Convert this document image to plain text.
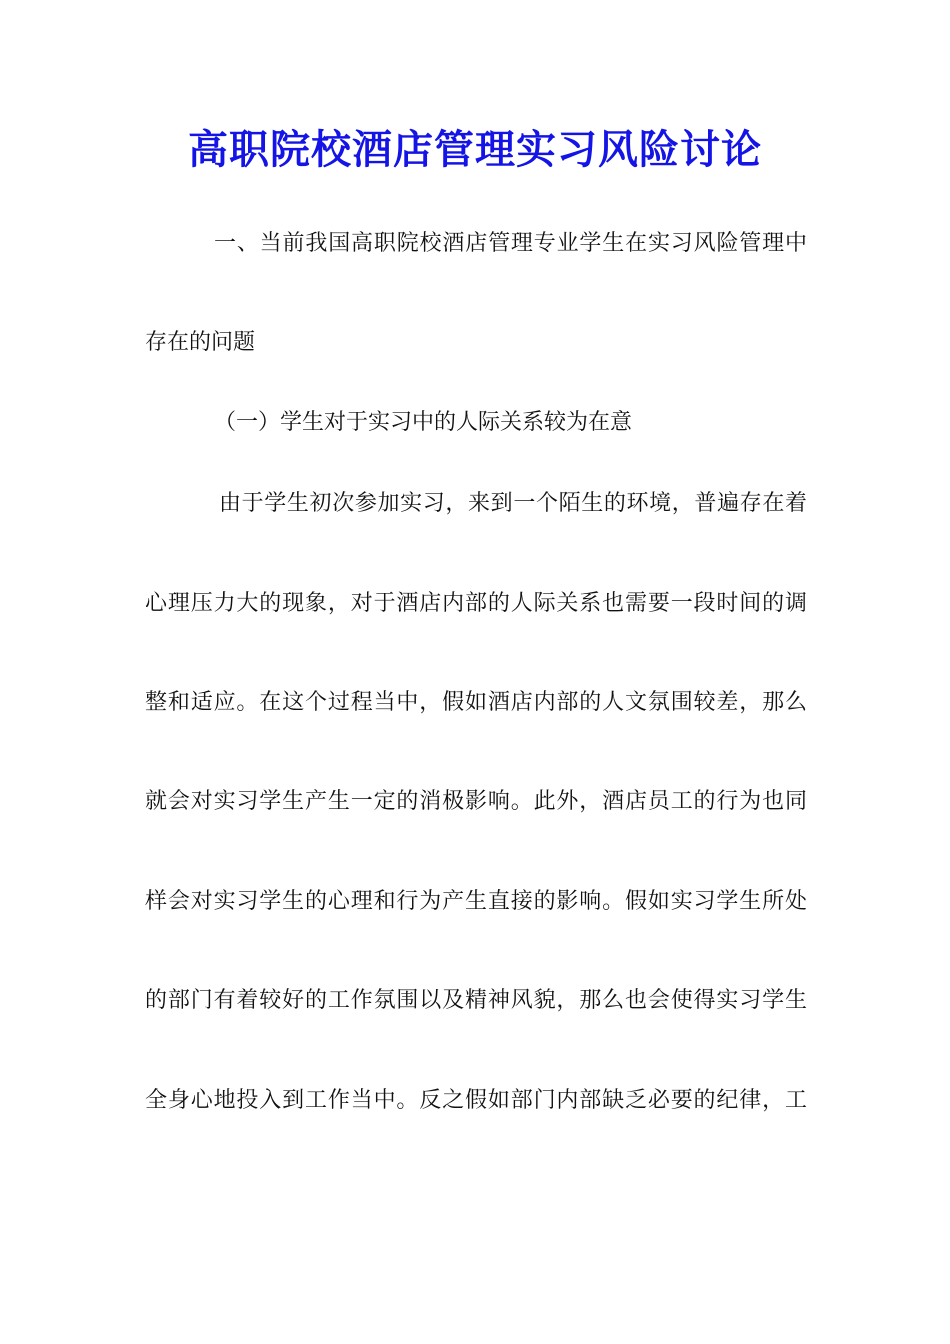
高职院校酒店管理实习风险讨论

一、当前我国高职院校酒店管理专业学生在实习风险管理中

存在的问题

（一）学生对于实习中的人际关系较为在意

由于学生初次参加实习，来到一个陌生的环境，普遍存在着

心理压力大的现象，对于酒店内部的人际关系也需要一段时间的调

整和适应。在这个过程当中，假如酒店内部的人文氛围较差，那么

就会对实习学生产生一定的消极影响。此外，酒店员工的行为也同

样会对实习学生的心理和行为产生直接的影响。假如实习学生所处

的部门有着较好的工作氛围以及精神风貌，那么也会使得实习学生

全身心地投入到工作当中。反之假如部门内部缺乏必要的纪律，工
